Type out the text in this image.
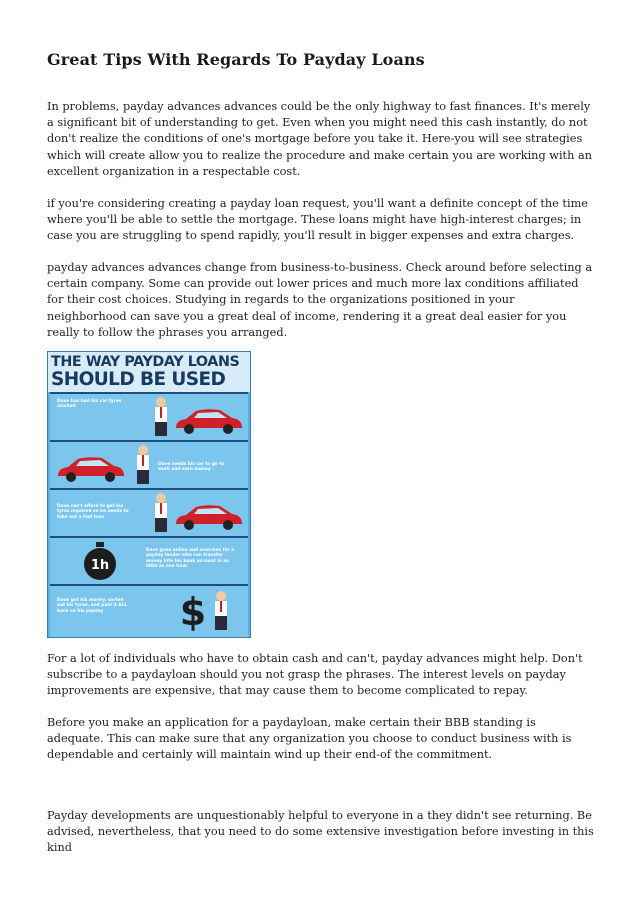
Great Tips With Regards To Payday Loans

In problems, payday advances advances could be the only highway to fast finances. It's merely a significant bit of understanding to get. Even when you might need this cash instantly, do not don't realize the conditions of one's mortgage before you take it. Here-you will see strategies which will create allow you to realize the procedure and make certain you are working with an excellent organization in a respectable cost.

if you're considering creating a payday loan request, you'll want a definite concept of the time where you'll be able to settle the mortgage. These loans might have high-interest charges; in case you are struggling to spend rapidly, you'll result in bigger expenses and extra charges.

payday advances advances change from business-to-business. Check around before selecting a certain company. Some can provide out lower prices and much more lax conditions affiliated for their cost choices. Studying in regards to the organizations positioned in your neighborhood can save you a great deal of income, rendering it a great deal easier for you really to follow the phrases you arranged.

THE WAY PAYDAY LOANS
SHOULD BE USED
Dave has had his car tyres slashed
Dave needs his car to go to work and earn money
Dave can't afford to get his tyres repaired so he needs to take out a fast loan
1h
Dave goes online and searches for a payday lender who can transfer money into his bank account in as little as one hour
Dave got his money, sorted out his tyres, and paid it ALL back on his payday	$

For a lot of individuals who have to obtain cash and can't, payday advances might help. Don't subscribe to a paydayloan should you not grasp the phrases. The interest levels on payday improvements are expensive, that may cause them to become complicated to repay.

Before you make an application for a paydayloan, make certain their BBB standing is adequate. This can make sure that any organization you choose to conduct business with is dependable and certainly will maintain wind up their end-of the commitment.

Payday developments are unquestionably helpful to everyone in a they didn't see returning. Be advised, nevertheless, that you need to do some extensive investigation before investing in this kind
